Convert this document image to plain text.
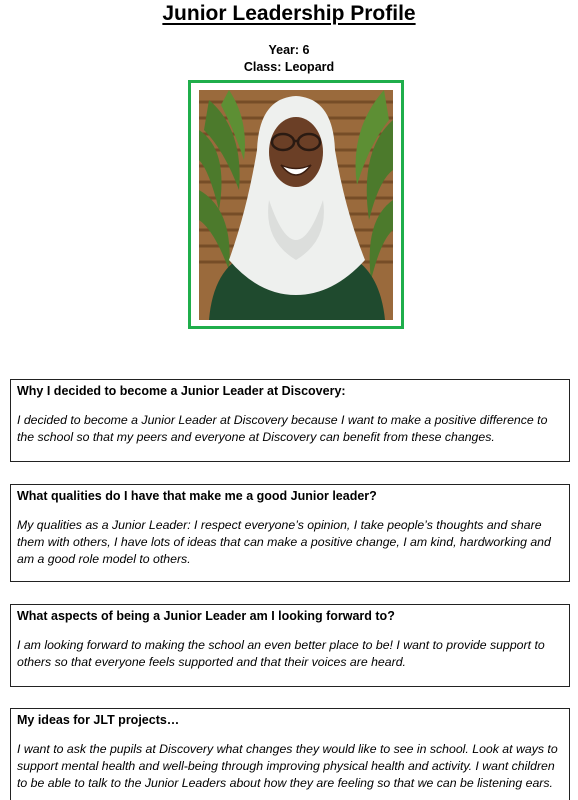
Junior Leadership Profile
Year: 6
Class: Leopard

Why I decided to become a Junior Leader at Discovery:

I decided to become a Junior Leader at Discovery because I want to make a positive difference to the school so that my peers and everyone at Discovery can benefit from these changes.

What qualities do I have that make me a good Junior leader?

My qualities as a Junior Leader: I respect everyone’s opinion, I take people’s thoughts and share them with others, I have lots of ideas that can make a positive change, I am kind, hardworking and am a good role model to others.

What aspects of being a Junior Leader am I looking forward to?

I am looking forward to making the school an even better place to be! I want to provide support to others so that everyone feels supported and that their voices are heard.

My ideas for JLT projects…

I want to ask the pupils at Discovery what changes they would like to see in school. Look at ways to support mental health and well-being through improving physical health and activity. I want children to be able to talk to the Junior Leaders about how they are feeling so that we can be listening ears.
